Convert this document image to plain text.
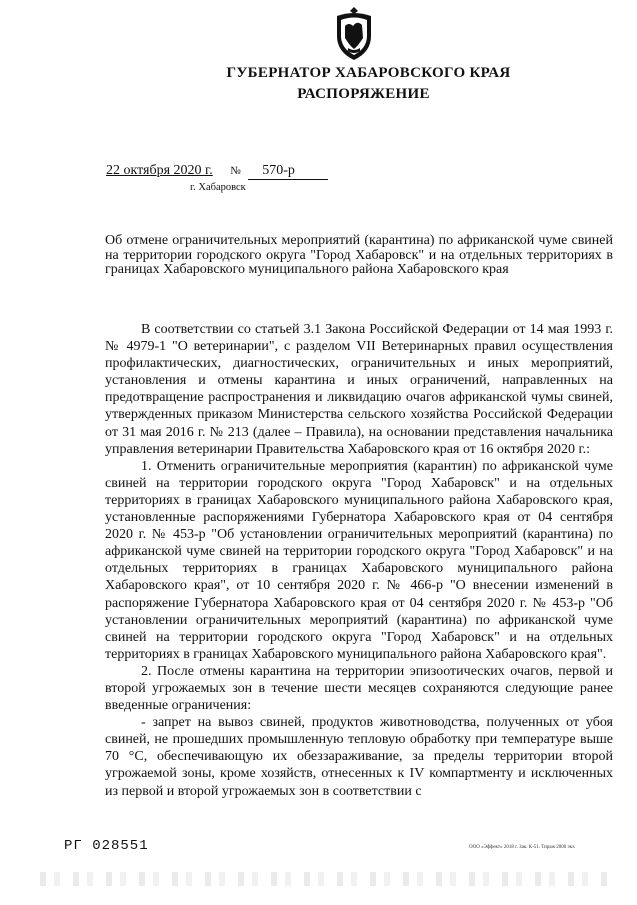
ГУБЕРНАТОР ХАБАРОВСКОГО КРАЯ
РАСПОРЯЖЕНИЕ
22 октября 2020 г. № 570-р
г. Хабаровск
Об отмене ограничительных мероприятий (карантина) по африканской чуме свиней на территории городского округа "Город Хабаровск" и на отдельных территориях в границах Хабаровского муниципального района Хабаровского края

В соответствии со статьей 3.1 Закона Российской Федерации от 14 мая 1993 г. № 4979-1 "О ветеринарии", с разделом VII Ветеринарных правил осуществления профилактических, диагностических, ограничительных и иных мероприятий, установления и отмены карантина и иных ограничений, направленных на предотвращение распространения и ликвидацию очагов африканской чумы свиней, утвержденных приказом Министерства сельского хозяйства Российской Федерации от 31 мая 2016 г. № 213 (далее – Правила), на основании представления начальника управления ветеринарии Правительства Хабаровского края от 16 октября 2020 г.:

1. Отменить ограничительные мероприятия (карантин) по африканской чуме свиней на территории городского округа "Город Хабаровск" и на отдельных территориях в границах Хабаровского муниципального района Хабаровского края, установленные распоряжениями Губернатора Хабаровского края от 04 сентября 2020 г. № 453-р "Об установлении ограничительных мероприятий (карантина) по африканской чуме свиней на территории городского округа "Город Хабаровск" и на отдельных территориях в границах Хабаровского муниципального района Хабаровского края", от 10 сентября 2020 г. № 466-р "О внесении изменений в распоряжение Губернатора Хабаровского края от 04 сентября 2020 г. № 453-р "Об установлении ограничительных мероприятий (карантина) по африканской чуме свиней на территории городского округа "Город Хабаровск" и на отдельных территориях в границах Хабаровского муниципального района Хабаровского края".

2. После отмены карантина на территории эпизоотических очагов, первой и второй угрожаемых зон в течение шести месяцев сохраняются следующие ранее введенные ограничения:

- запрет на вывоз свиней, продуктов животноводства, полученных от убоя свиней, не прошедших промышленную тепловую обработку при температуре выше 70 °С, обеспечивающую их обеззараживание, за пределы территории второй угрожаемой зоны, кроме хозяйств, отнесенных к IV компартменту и исключенных из первой и второй угрожаемых зон в соответствии с

РГ 028551	ООО «Эффект» 2018 г. Зак. К-51. Тираж 2000 экз.
